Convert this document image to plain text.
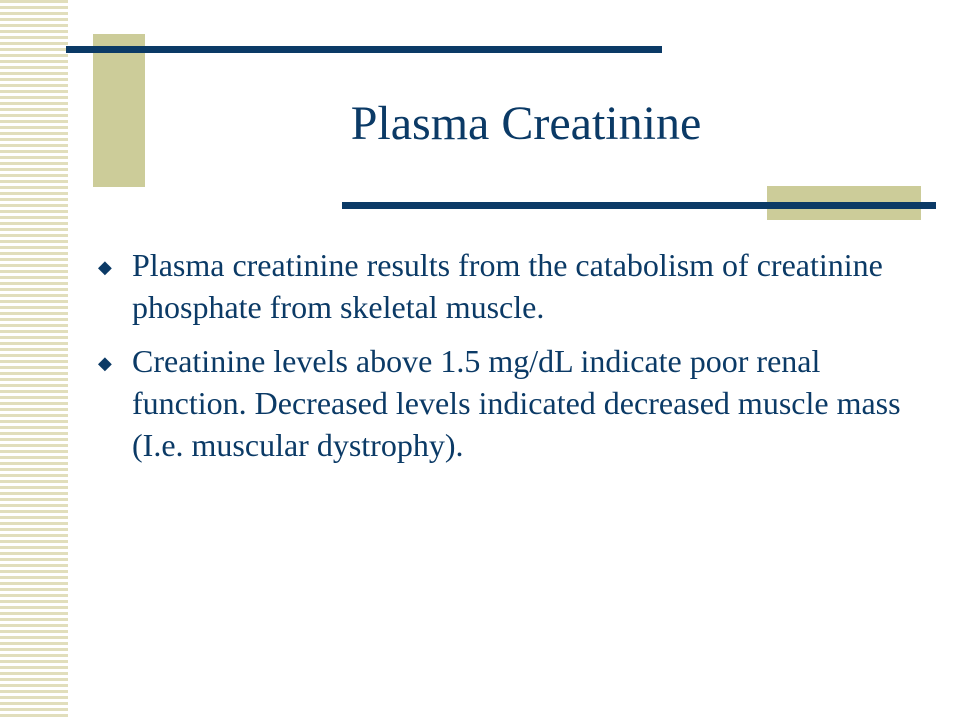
Plasma Creatinine
◆ Plasma creatinine results from the catabolism of creatinine phosphate from skeletal muscle.
◆ Creatinine levels above 1.5 mg/dL indicate poor renal function. Decreased levels indicated decreased muscle mass (I.e. muscular dystrophy).
